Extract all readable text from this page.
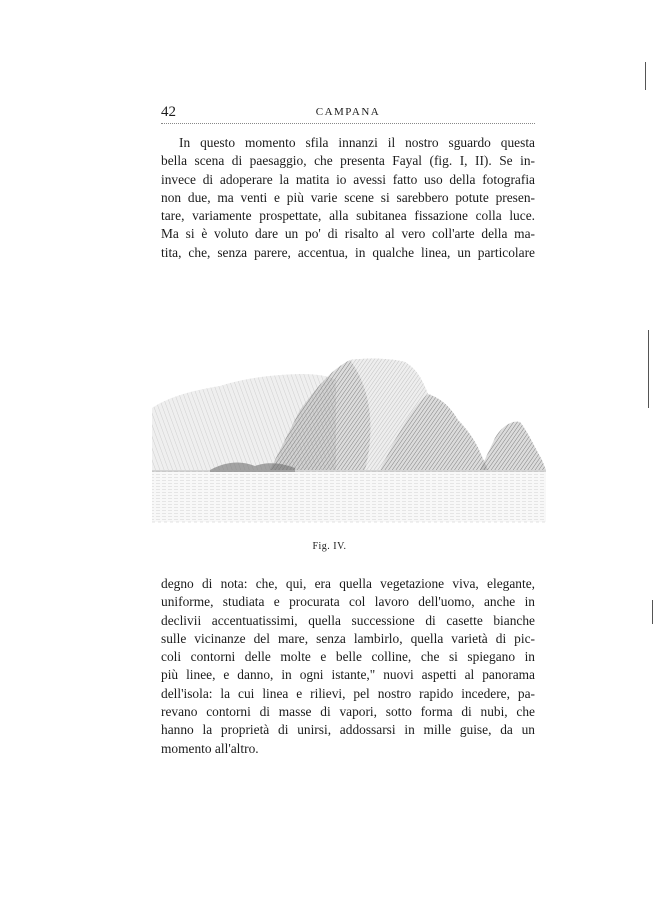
42	CAMPANA
In questo momento sfila innanzi il nostro sguardo questa
bella scena di paesaggio, che presenta Fayal (fig. I, II). Se in-
invece di adoperare la matita io avessi fatto uso della fotografia
non due, ma venti e più varie scene si sarebbero potute presen-
tare, variamente prospettate, alla subitanea fissazione colla luce.
Ma si è voluto dare un po' di risalto al vero coll'arte della ma-
tita, che, senza parere, accentua, in qualche linea, un particolare
Fig. IV.
degno di nota: che, qui, era quella vegetazione viva, elegante,
uniforme, studiata e procurata col lavoro dell'uomo, anche in
declivii accentuatissimi, quella successione di casette bianche
sulle vicinanze del mare, senza lambirlo, quella varietà di pic-
coli contorni delle molte e belle colline, che si spiegano in
più linee, e danno, in ogni istante," nuovi aspetti al panorama
dell'isola: la cui linea e rilievi, pel nostro rapido incedere, pa-
revano contorni di masse di vapori, sotto forma di nubi, che
hanno la proprietà di unirsi, addossarsi in mille guise, da un
momento all'altro.
